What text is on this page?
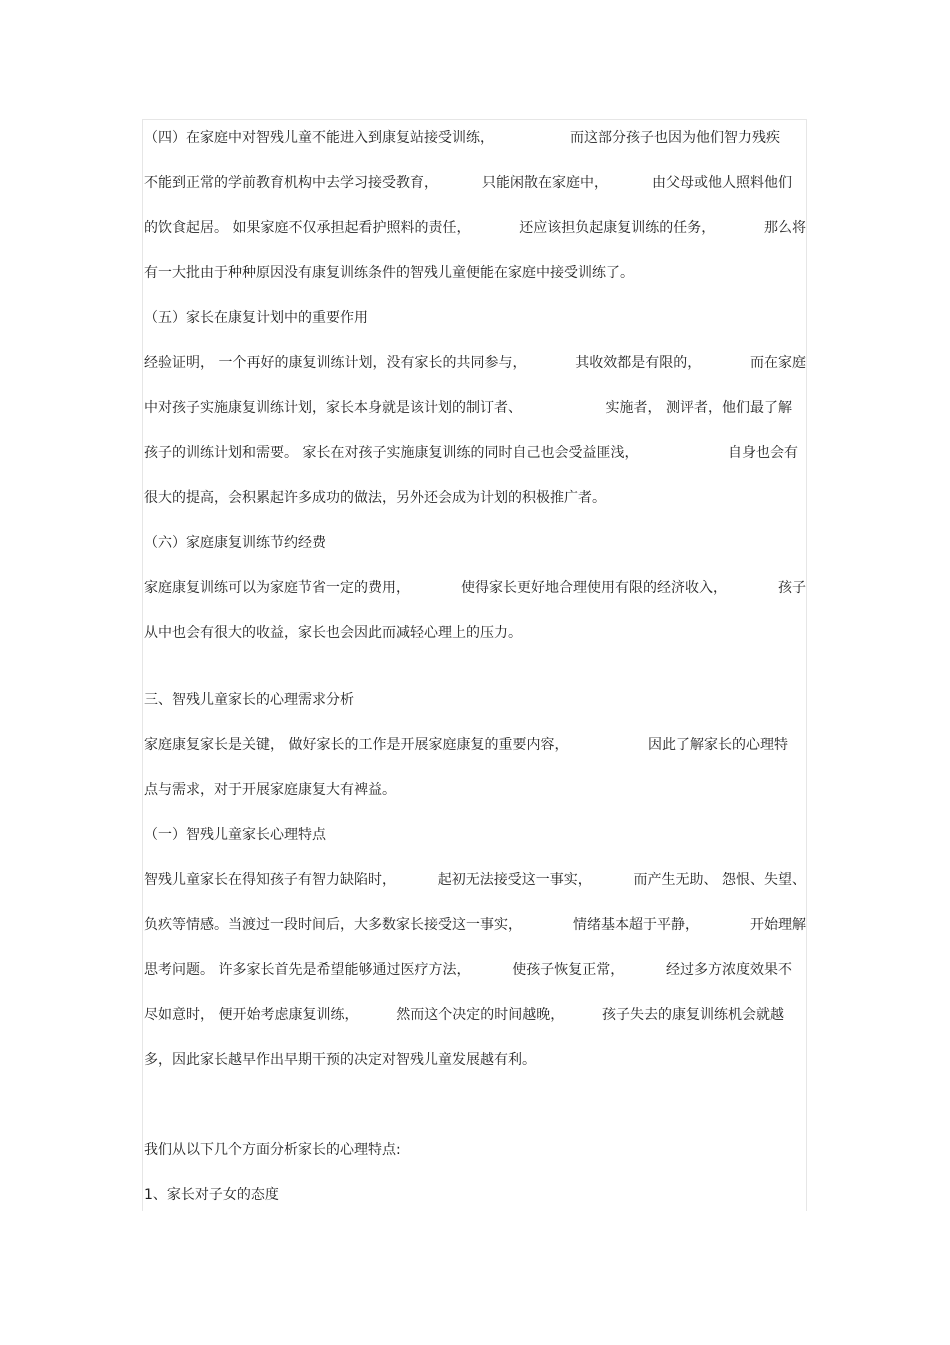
（四）在家庭中对智残儿童不能进入到康复站接受训练，	而这部分孩子也因为他们智力残疾
不能到正常的学前教育机构中去学习接受教育，	只能闲散在家庭中，	由父母或他人照料他们
的饮食起居。 如果家庭不仅承担起看护照料的责任，	还应该担负起康复训练的任务，	那么将
有一大批由于种种原因没有康复训练条件的智残儿童便能在家庭中接受训练了。
（五）家长在康复计划中的重要作用
经验证明， 一个再好的康复训练计划，没有家长的共同参与，	其收效都是有限的，	而在家庭
中对孩子实施康复训练计划，家长本身就是该计划的制订者、	实施者， 测评者，他们最了解
孩子的训练计划和需要。 家长在对孩子实施康复训练的同时自己也会受益匪浅，	自身也会有
很大的提高，会积累起许多成功的做法，另外还会成为计划的积极推广者。
（六）家庭康复训练节约经费
家庭康复训练可以为家庭节省一定的费用，	使得家长更好地合理使用有限的经济收入，	孩子
从中也会有很大的收益，家长也会因此而减轻心理上的压力。
三、智残儿童家长的心理需求分析
家庭康复家长是关键， 做好家长的工作是开展家庭康复的重要内容，	因此了解家长的心理特
点与需求，对于开展家庭康复大有裨益。
（一）智残儿童家长心理特点
智残儿童家长在得知孩子有智力缺陷时，	起初无法接受这一事实，	而产生无助、 怨恨、失望、
负疚等情感。当渡过一段时间后，大多数家长接受这一事实，	情绪基本超于平静，	开始理解
思考问题。 许多家长首先是希望能够通过医疗方法，	使孩子恢复正常，	经过多方浓度效果不
尽如意时， 便开始考虑康复训练，	然而这个决定的时间越晚，	孩子失去的康复训练机会就越
多，因此家长越早作出早期干预的决定对智残儿童发展越有利。
我们从以下几个方面分析家长的心理特点:
1、家长对子女的态度
